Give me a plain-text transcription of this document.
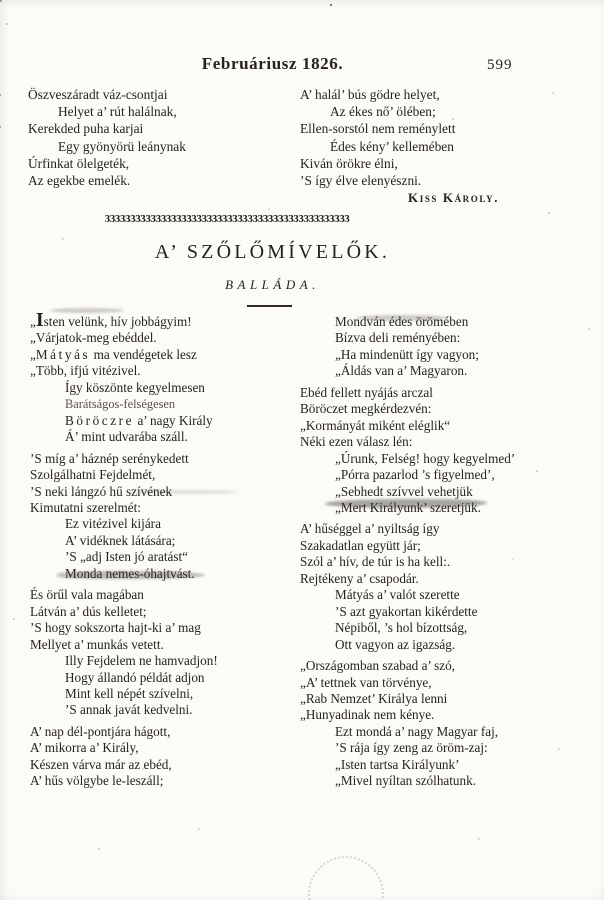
Februáriusz 1826.	599
Öszveszáradt váz-csontjai
Helyet a’ rút halálnak,
Kerekded puha karjai
Egy gyönyörü leánynak
Úrfinkat ölelgeték,
Az egekbe emelék.
A’ halál’ bús gödre helyet,
Az ékes nő’ ölében;
Ellen-sorstól nem reménylett
Édes kény’ kellemében
Kiván örökre élni,
’S így élve elenyészni.
Kiss Károly.
333333333333333333333333333333333333333333333333
A’ SZŐLŐMÍVELŐK.
BALLÁDA.
„Isten velünk, hív jobbágyim!
„Várjatok-meg ebéddel.
„Mátyás ma vendégetek lesz
„Több, ifjú vitézivel.
Így köszönte kegyelmesen
Barátságos-felségesen
Böröczre a’ nagy Király
Á’ mint udvarába száll.
’S míg a’ háznép serénykedett
Szolgálhatni Fejdelmét,
’S neki lángzó hű szívének
Kimutatni szerelmét:
Ez vitézivel kijára
A’ vidéknek látására;
’S „adj Isten jó aratást“
Monda nemes-óhajtvást.
És örűl vala magában
Látván a’ dús kelletet;
’S hogy sokszorta hajt-ki a’ mag
Mellyet a’ munkás vetett.
Illy Fejdelem ne hamvadjon!
Hogy állandó példát adjon
Mint kell népét szívelni,
’S annak javát kedvelni.
A’ nap dél-pontjára hágott,
A’ mikorra a’ Király,
Készen várva már az ebéd,
A’ hűs völgybe le-leszáll;
Mondván édes örömében
Bízva deli reményében:
„Ha mindenütt így vagyon;
„Áldás van a’ Magyaron.
Ebéd fellett nyájás arczal
Böröczet megkérdezvén:
„Kormányát miként eléglik“
Néki ezen válasz lén:
„Úrunk, Felség! hogy kegyelmed’
„Pórra pazarlod ’s figyelmed’,
„Sebhedt szívvel vehetjük
„Mert Királyunk’ szeretjük.
A’ hűséggel a’ nyiltság így
Szakadatlan együtt jár;
Szól a’ hív, de túr is ha kell:.
Rejtékeny a’ csapodár.
Mátyás a’ valót szerette
’S azt gyakortan kikérdette
Népiből, ’s hol bízottság,
Ott vagyon az igazság.
„Országomban szabad a’ szó,
„A’ tettnek van törvénye,
„Rab Nemzet’ Királya lenni
„Hunyadinak nem kénye.
Ezt mondá a’ nagy Magyar faj,
’S rája így zeng az öröm-zaj:
„Isten tartsa Királyunk’
„Mivel nyíltan szólhatunk.
